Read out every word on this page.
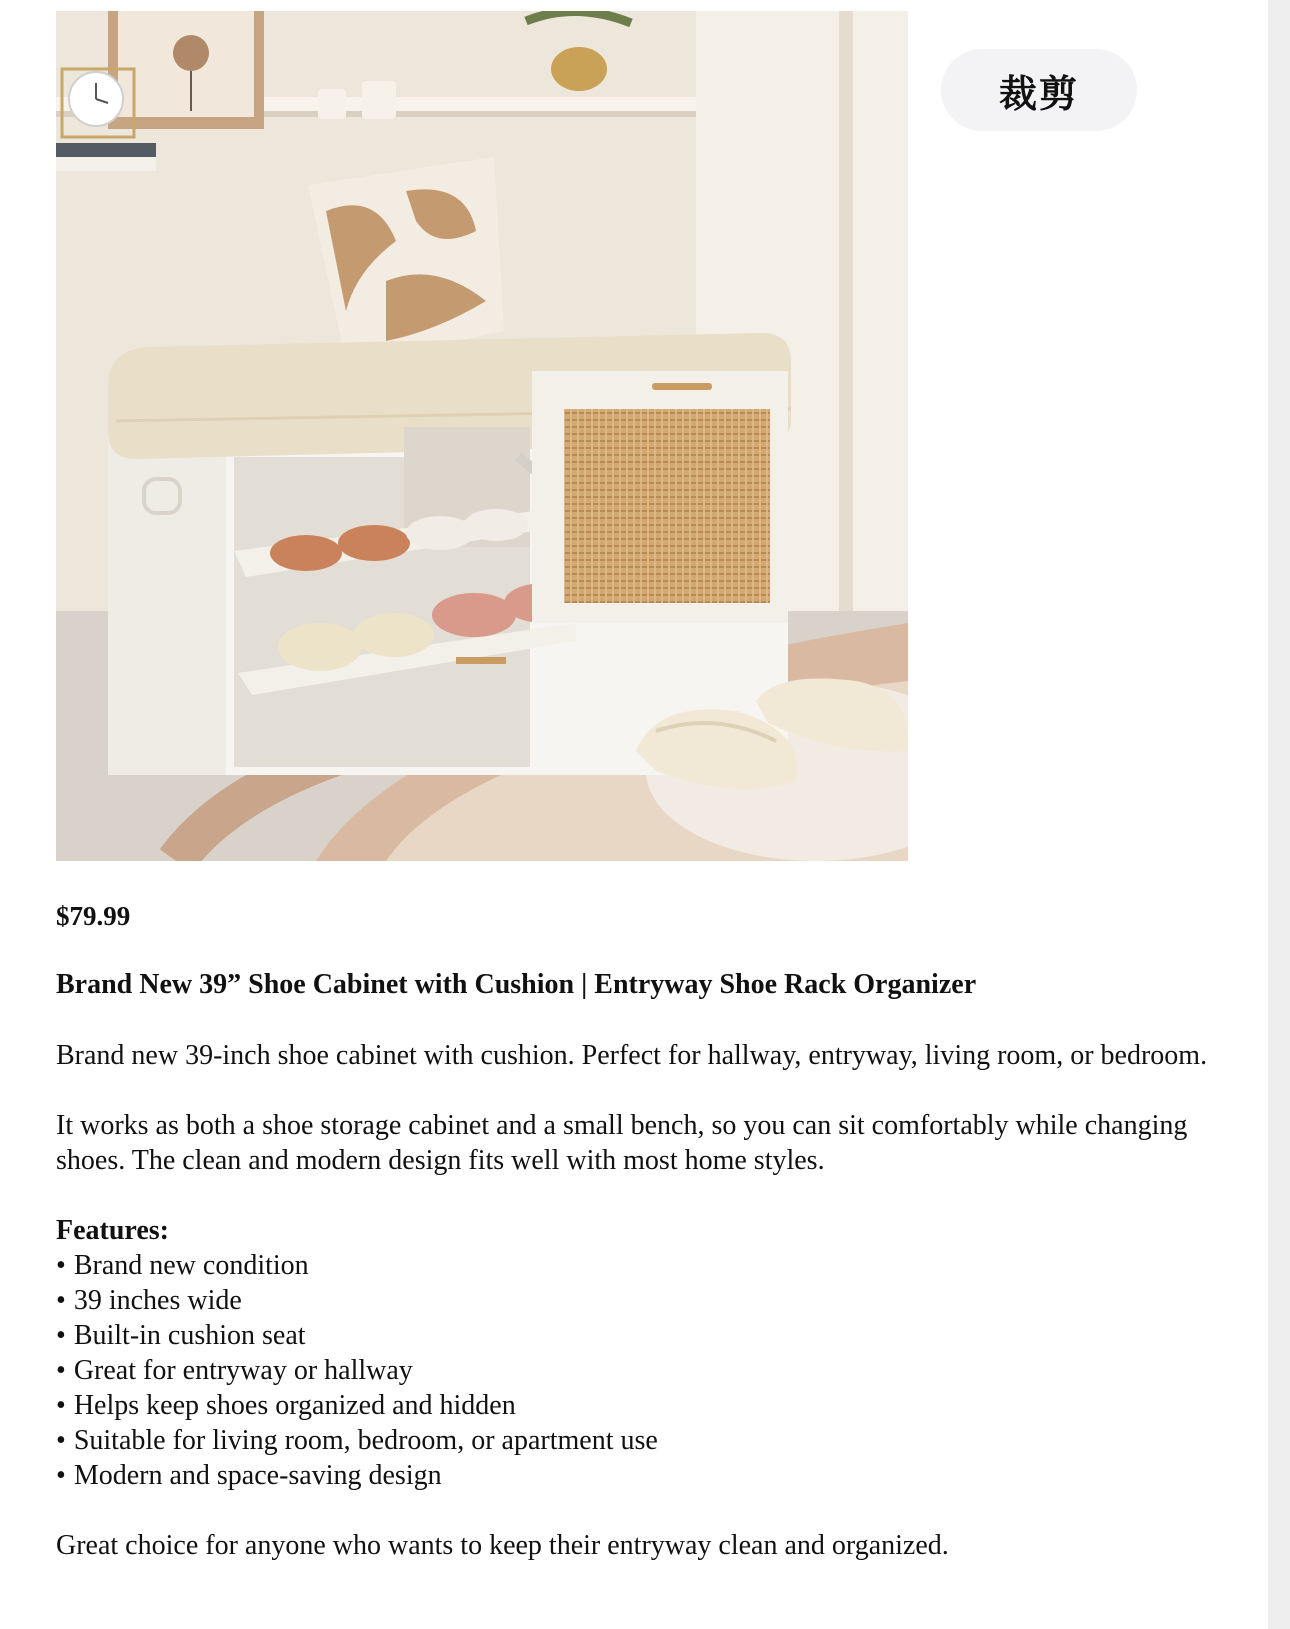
裁剪

$79.99

Brand New 39” Shoe Cabinet with Cushion | Entryway Shoe Rack Organizer

Brand new 39-inch shoe cabinet with cushion. Perfect for hallway, entryway, living room, or bedroom.

It works as both a shoe storage cabinet and a small bench, so you can sit comfortably while changing shoes. The clean and modern design fits well with most home styles.

Features:

• Brand new condition
• 39 inches wide
• Built-in cushion seat
• Great for entryway or hallway
• Helps keep shoes organized and hidden
• Suitable for living room, bedroom, or apartment use
• Modern and space-saving design

Great choice for anyone who wants to keep their entryway clean and organized.
